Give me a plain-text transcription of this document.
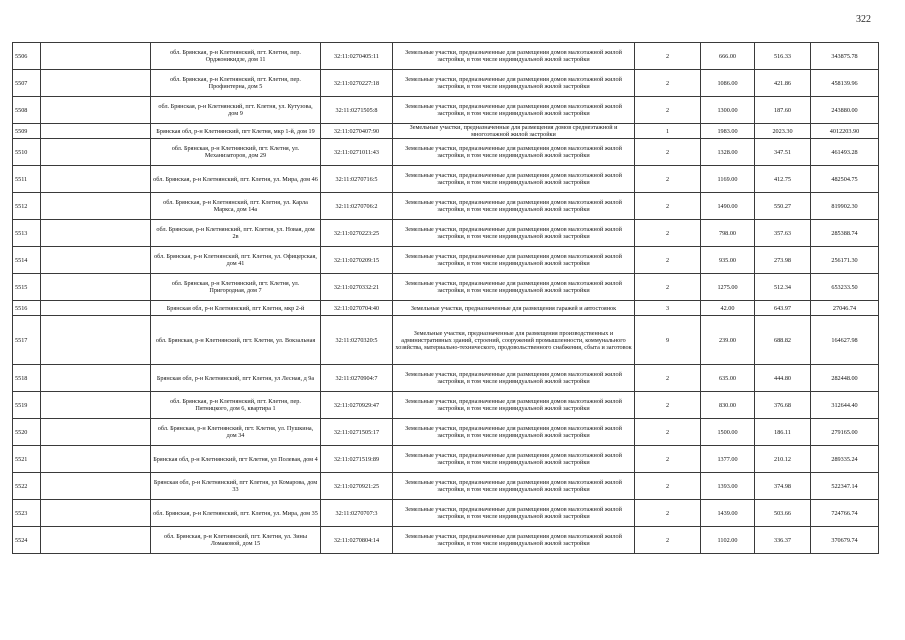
322
5506		обл. Брянская, р-н Клетнянский, пгт. Клетня, пер. Орджоникидзе, дом 11	32:11:0270405:11	Земельные участки, предназначенные для размещения домов малоэтажной жилой застройки, в том числе индивидуальной жилой застройки	2	666.00	516.33	343875.78
5507		обл. Брянская, р-н Клетнянский, пгт. Клетня, пер. Профинтерна, дом 5	32:11:0270227:18	Земельные участки, предназначенные для размещения домов малоэтажной жилой застройки, в том числе индивидуальной жилой застройки	2	1086.00	421.86	458139.96
5508		обл. Брянская, р-н Клетнянский, пгт. Клетня, ул. Кутузова, дом 9	32:11:0271505:8	Земельные участки, предназначенные для размещения домов малоэтажной жилой застройки, в том числе индивидуальной жилой застройки	2	1300.00	187.60	243880.00
5509		Брянская обл, р-н Клетнянский, пгт Клетня, мкр 1-й, дом 19	32:11:0270407:90	Земельные участки, предназначенные для размещения домов среднеэтажной и многоэтажной жилой застройки	1	1983.00	2023.30	4012203.90
5510		обл. Брянская, р-н Клетнянский, пгт. Клетня, ул. Механизаторов, дом 29	32:11:0271011:43	Земельные участки, предназначенные для размещения домов малоэтажной жилой застройки, в том числе индивидуальной жилой застройки	2	1328.00	347.51	461493.28
5511		обл. Брянская, р-н Клетнянский, пгт. Клетня, ул. Мира, дом 46	32:11:0270716:5	Земельные участки, предназначенные для размещения домов малоэтажной жилой застройки, в том числе индивидуальной жилой застройки	2	1169.00	412.75	482504.75
5512		обл. Брянская, р-н Клетнянский, пгт. Клетня, ул. Карла Маркса, дом 14а	32:11:0270706:2	Земельные участки, предназначенные для размещения домов малоэтажной жилой застройки, в том числе индивидуальной жилой застройки	2	1490.00	550.27	819902.30
5513		обл. Брянская, р-н Клетнянский, пгт. Клетня, ул. Новая, дом 2в	32:11:0270223:25	Земельные участки, предназначенные для размещения домов малоэтажной жилой застройки, в том числе индивидуальной жилой застройки	2	798.00	357.63	285388.74
5514		обл. Брянская, р-н Клетнянский, пгт. Клетня, ул. Офицерская, дом 41	32:11:0270209:15	Земельные участки, предназначенные для размещения домов малоэтажной жилой застройки, в том числе индивидуальной жилой застройки	2	935.00	273.98	256171.30
5515		обл. Брянская, р-н Клетнянский, пгт. Клетня, ул. Пригородная, дом 7	32:11:0270332:21	Земельные участки, предназначенные для размещения домов малоэтажной жилой застройки, в том числе индивидуальной жилой застройки	2	1275.00	512.34	653233.50
5516		Брянская обл, р-н Клетнянский, пгт Клетня, мкр 2-й	32:11:0270704:40	Земельные участки, предназначенные для размещения гаражей и автостоянок	3	42.00	643.97	27046.74
5517		обл. Брянская, р-н Клетнянский, пгт. Клетня, ул. Вокзальная	32:11:0270320:5	Земельные участки, предназначенные для размещения производственных и административных зданий, строений, сооружений промышленности, коммунального хозяйства, материально-технического, продовольственного снабжения, сбыта и заготовок	9	239.00	688.82	164627.98
5518		Брянская обл, р-н Клетнянский, пгт Клетня, ул Лесная, д 9а	32:11:0270904:7	Земельные участки, предназначенные для размещения домов малоэтажной жилой застройки, в том числе индивидуальной жилой застройки	2	635.00	444.80	282448.00
5519		обл. Брянская, р-н Клетнянский, пгт. Клетня, пер. Пятницкого, дом 6, квартира 1	32:11:0270929:47	Земельные участки, предназначенные для размещения домов малоэтажной жилой застройки, в том числе индивидуальной жилой застройки	2	830.00	376.68	312644.40
5520		обл. Брянская, р-н Клетнянский, пгт. Клетня, ул. Пушкина, дом 34	32:11:0271505:17	Земельные участки, предназначенные для размещения домов малоэтажной жилой застройки, в том числе индивидуальной жилой застройки	2	1500.00	186.11	279165.00
5521		Брянская обл, р-н Клетнянский, пгт Клетня, ул Полевая, дом 4	32:11:0271519:89	Земельные участки, предназначенные для размещения домов малоэтажной жилой застройки, в том числе индивидуальной жилой застройки	2	1377.00	210.12	289335.24
5522		Брянская обл, р-н Клетнянский, пгт Клетня, ул Комарова, дом 33	32:11:0270921:25	Земельные участки, предназначенные для размещения домов малоэтажной жилой застройки, в том числе индивидуальной жилой застройки	2	1393.00	374.98	522347.14
5523		обл. Брянская, р-н Клетнянский, пгт. Клетня, ул. Мира, дом 35	32:11:0270707:3	Земельные участки, предназначенные для размещения домов малоэтажной жилой застройки, в том числе индивидуальной жилой застройки	2	1439.00	503.66	724766.74
5524		обл. Брянская, р-н Клетнянский, пгт. Клетня, ул. Зины Ломаковой, дом 15	32:11:0270804:14	Земельные участки, предназначенные для размещения домов малоэтажной жилой застройки, в том числе индивидуальной жилой застройки	2	1102.00	336.37	370679.74
